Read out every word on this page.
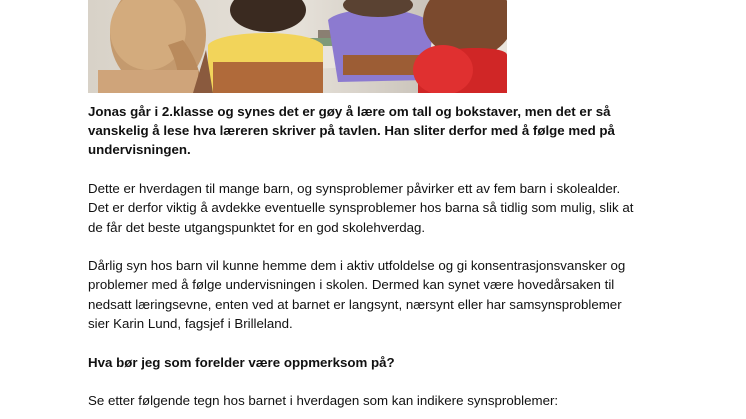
Jonas går i 2.klasse og synes det er gøy å lære om tall og bokstaver, men det er så
vanskelig å lese hva læreren skriver på tavlen. Han sliter derfor med å følge med på
undervisningen.

Dette er hverdagen til mange barn, og synsproblemer påvirker ett av fem barn i skolealder.
Det er derfor viktig å avdekke eventuelle synsproblemer hos barna så tidlig som mulig, slik at
de får det beste utgangspunktet for en god skolehverdag.

Dårlig syn hos barn vil kunne hemme dem i aktiv utfoldelse og gi konsentrasjonsvansker og
problemer med å følge undervisningen i skolen. Dermed kan synet være hovedårsaken til
nedsatt læringsevne, enten ved at barnet er langsynt, nærsynt eller har samsynsproblemer
sier Karin Lund, fagsjef i Brilleland.

Hva bør jeg som forelder være oppmerksom på?

Se etter følgende tegn hos barnet i hverdagen som kan indikere synsproblemer:
